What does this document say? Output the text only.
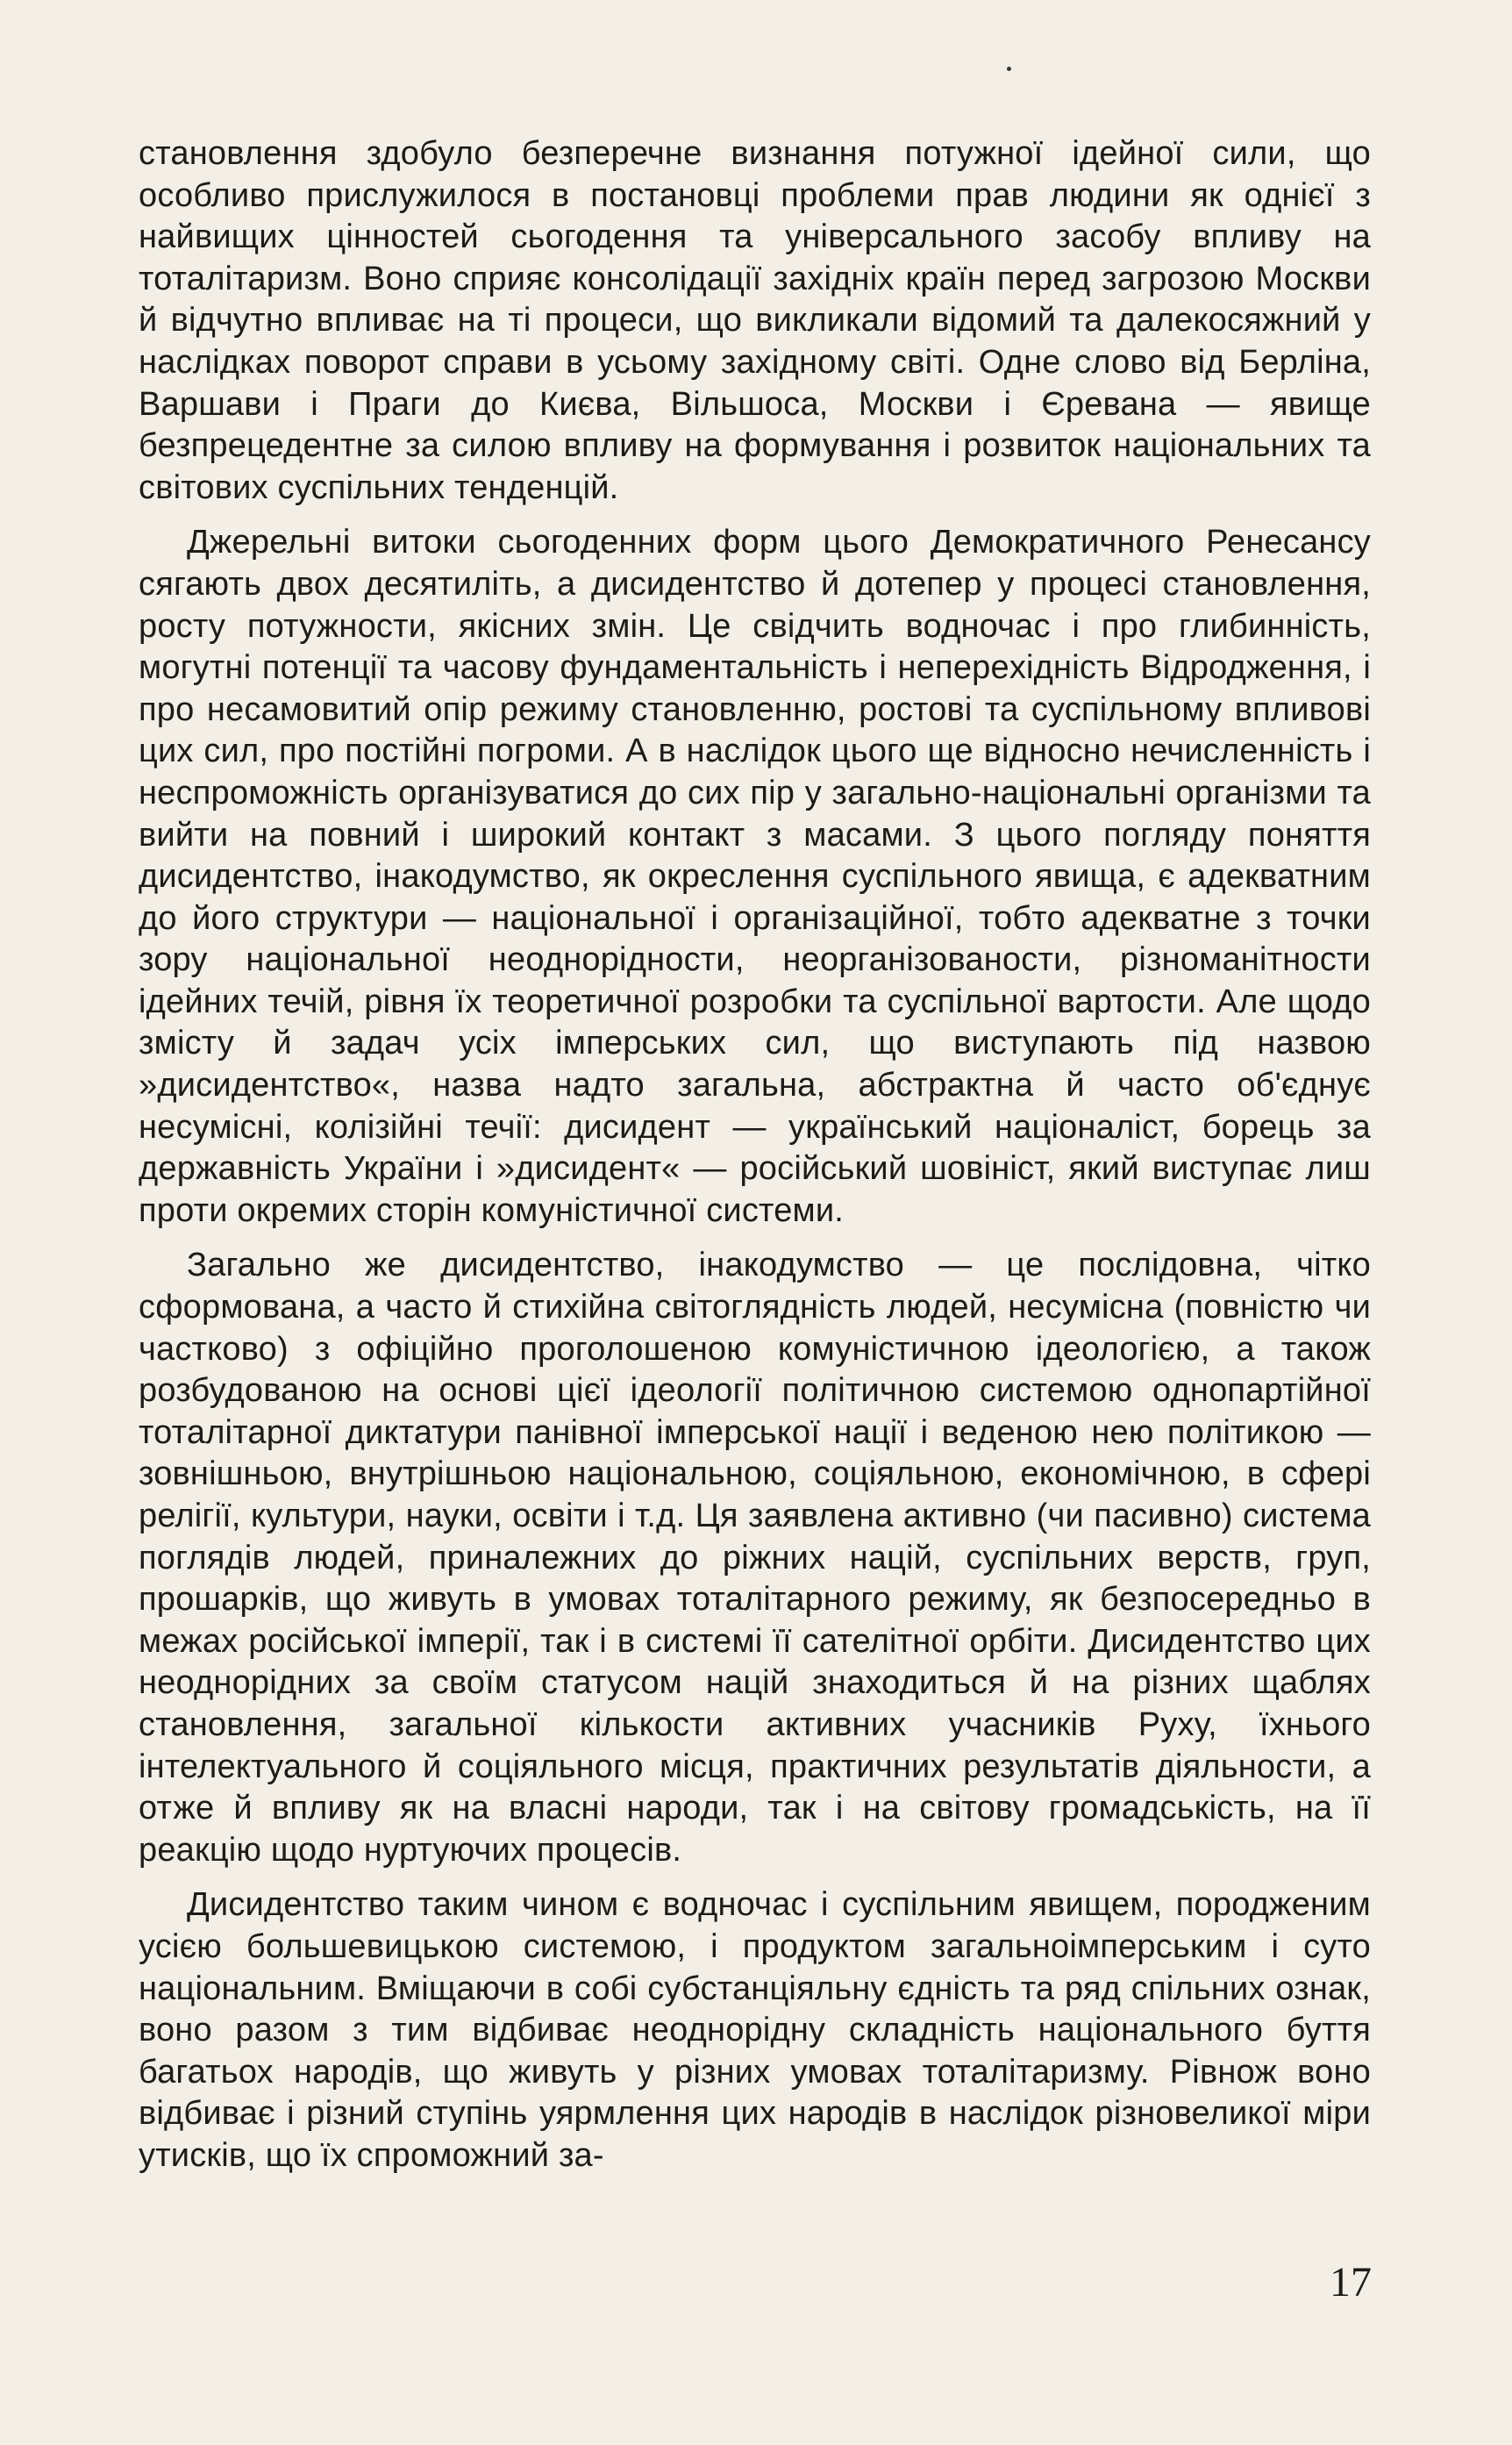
становлення здобуло безперечне визнання потужної ідейної сили, що особливо прислужилося в постановці проблеми прав людини як однієї з найвищих цінностей сьогодення та універсального засобу впливу на тоталітаризм. Воно сприяє консолідації західніх країн перед загрозою Москви й відчутно впливає на ті процеси, що викликали відомий та далекосяжний у наслідках поворот справи в усьому західному світі. Одне слово від Берліна, Варшави і Праги до Києва, Вільшоса, Москви і Єревана — явище безпрецедентне за силою впливу на формування і розвиток національних та світових суспільних тенденцій.

Джерельні витоки сьогоденних форм цього Демократичного Ренесансу сягають двох десятиліть, а дисидентство й дотепер у процесі становлення, росту потужности, якісних змін. Це свідчить водночас і про глибинність, могутні потенції та часову фундаментальність і непереxідність Відродження, і про несамовитий опір режиму становленню, ростові та суспільному впливові цих сил, про постійні погроми. А в наслідок цього ще відносно нечисленність і неспроможність організуватися до сих пір у загально-національні організми та вийти на повний і широкий контакт з масами. З цього погляду поняття дисидентство, інакодумство, як окреслення суспільного явища, є адекватним до його структури — національної і організаційної, тобто адекватне з точки зору національної неоднорідности, неорганізованости, різноманітности ідейних течій, рівня їх теоретичної розробки та суспільної вартости. Але щодо змісту й задач усіх імперських сил, що виступають під назвою »дисидентство«, назва надто загальна, абстрактна й часто об'єднує несумісні, колізійні течії: дисидент — український націоналіст, борець за державність України і »дисидент« — російський шовініст, який виступає лиш проти окремих сторін комуністичної системи.

Загально же дисидентство, інакодумство — це послідовна, чітко сформована, а часто й стихійна світоглядність людей, несумісна (повністю чи частково) з офіційно проголошеною комуністичною ідеологією, а також розбудованою на основі цієї ідеології політичною системою однопартійної тоталітарної диктатури панівної імперської нації і веденою нею політикою — зовнішньою, внутрішньою національною, соціяльною, економічною, в сфері релігії, культури, науки, освіти і т.д. Ця заявлена активно (чи пасивно) система поглядів людей, приналежних до ріжних націй, суспільних верств, груп, прошарків, що живуть в умовах тоталітарного режиму, як безпосередньо в межах російської імперії, так і в системі її сателітної орбіти. Дисидентство цих неоднорідних за своїм статусом націй знаходиться й на різних щаблях становлення, загальної кількости активних учасників Руху, їхнього інтелектуального й соціяльного місця, практичних результатів діяльности, а отже й впливу як на власні народи, так і на світову громадськість, на її реакцію щодо нуртуючих процесів.

Дисидентство таким чином є водночас і суспільним явищем, породженим усією большевицькою системою, і продуктом загальноімперським і суто національним. Вміщаючи в собі субстанціяльну єдність та ряд спільних ознак, воно разом з тим відбиває неоднорідну складність національного буття багатьох народів, що живуть у різних умовах тоталітаризму. Рівнож воно відбиває і різний ступінь уярмлення цих народів в наслідок різновеликої міри утисків, що їх спроможний за-

17
